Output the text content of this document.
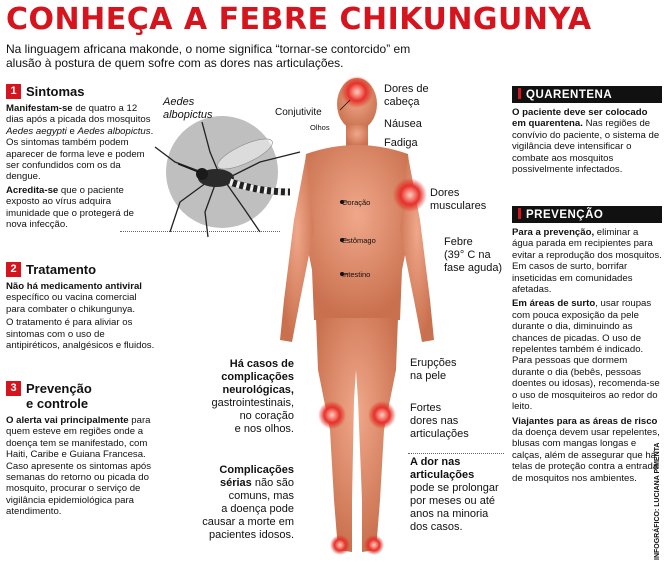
CONHEÇA A FEBRE CHIKUNGUNYA
Na linguagem africana makonde, o nome significa “tornar-se contorcido” em alusão à postura de quem sofre com as dores nas articulações.
1 Sintomas
Manifestam-se de quatro a 12 dias após a picada dos mosquitos Aedes aegypti e Aedes albopictus. Os sintomas também podem aparecer de forma leve e podem ser confundidos com os da dengue.
Acredita-se que o paciente exposto ao vírus adquira imunidade que o protegerá de nova infecção.
2 Tratamento
Não há medicamento antiviral específico ou vacina comercial para combater o chikungunya.
O tratamento é para aliviar os sintomas com o uso de antipiréticos, analgésicos e fluidos.
3 Prevenção
e controle
O alerta vai principalmente para quem esteve em regiões onde a doença tem se manifestado, com Haiti, Caribe e Guiana Francesa. Caso apresente os sintomas após semanas do retorno ou picada do mosquito, procurar o serviço de vigilância epidemiológica para atendimento.
Aedes
albopictus	Conjutivite
Olhos
Coração
Estômago
Intestino
Dores de
cabeça
Náusea
Fadiga
Dores
musculares
Febre
(39° C na
fase aguda)
Erupções
na pele
Fortes
dores nas
articulações
Há casos de
complicações
neurológicas,
gastrointestinais,
no coração
e nos olhos.
Complicações
sérias não são
comuns, mas
a doença pode
causar a morte em
pacientes idosos.
A dor nas
articulações
pode se prolongar
por meses ou até
anos na minoria
dos casos.
QUARENTENA
O paciente deve ser colocado em quarentena. Nas regiões de convívio do paciente, o sistema de vigilância deve intensificar o combate aos mosquitos possivelmente infectados.
PREVENÇÃO
Para a prevenção, eliminar a água parada em recipientes para evitar a reprodução dos mosquitos. Em casos de surto, borrifar inseticidas em comunidades afetadas.
Em áreas de surto, usar roupas com pouca exposição da pele durante o dia, diminuindo as chances de picadas. O uso de repelentes também é indicado. Para pessoas que dormem durante o dia (bebês, pessoas doentes ou idosas), recomenda-se o uso de mosquiteiros ao redor do leito.
Viajantes para as áreas de risco da doença devem usar repelentes, blusas com mangas longas e calças, além de assegurar que há telas de proteção contra a entrada de mosquitos nos ambientes.	INFOGRÁFICO: LUCIANA PIMENTA
